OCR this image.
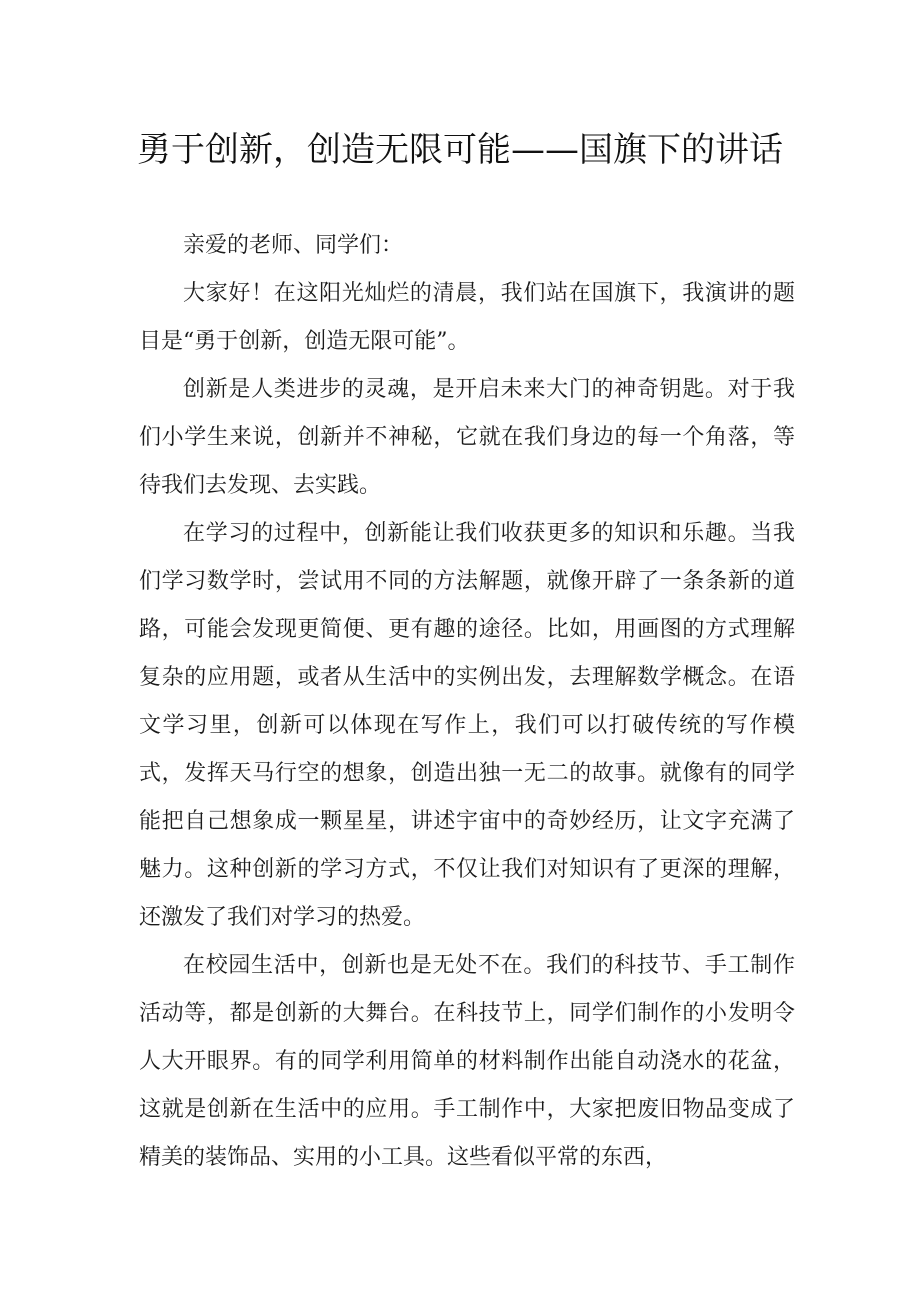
勇于创新，创造无限可能——国旗下的讲话

亲爱的老师、同学们：

大家好！在这阳光灿烂的清晨，我们站在国旗下，我演讲的题目是“勇于创新，创造无限可能”。

创新是人类进步的灵魂，是开启未来大门的神奇钥匙。对于我们小学生来说，创新并不神秘，它就在我们身边的每一个角落，等待我们去发现、去实践。

在学习的过程中，创新能让我们收获更多的知识和乐趣。当我们学习数学时，尝试用不同的方法解题，就像开辟了一条条新的道路，可能会发现更简便、更有趣的途径。比如，用画图的方式理解复杂的应用题，或者从生活中的实例出发，去理解数学概念。在语文学习里，创新可以体现在写作上，我们可以打破传统的写作模式，发挥天马行空的想象，创造出独一无二的故事。就像有的同学能把自己想象成一颗星星，讲述宇宙中的奇妙经历，让文字充满了魅力。这种创新的学习方式，不仅让我们对知识有了更深的理解，还激发了我们对学习的热爱。

在校园生活中，创新也是无处不在。我们的科技节、手工制作活动等，都是创新的大舞台。在科技节上，同学们制作的小发明令人大开眼界。有的同学利用简单的材料制作出能自动浇水的花盆，这就是创新在生活中的应用。手工制作中，大家把废旧物品变成了精美的装饰品、实用的小工具。这些看似平常的东西，
